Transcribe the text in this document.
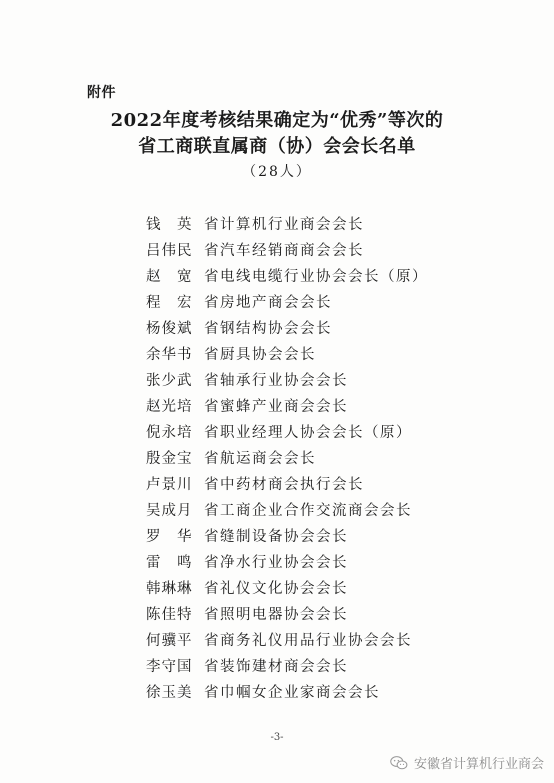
附件
2022年度考核结果确定为“优秀”等次的
省工商联直属商（协）会会长名单
（28人）
钱　英 省计算机行业商会会长
吕伟民 省汽车经销商商会会长
赵　宽 省电线电缆行业协会会长（原）
程　宏 省房地产商会会长
杨俊斌 省钢结构协会会长
余华书 省厨具协会会长
张少武 省轴承行业协会会长
赵光培 省蜜蜂产业商会会长
倪永培 省职业经理人协会会长（原）
殷金宝 省航运商会会长
卢景川 省中药材商会执行会长
吴成月 省工商企业合作交流商会会长
罗　华 省缝制设备协会会长
雷　鸣 省净水行业协会会长
韩琳琳 省礼仪文化协会会长
陈佳特 省照明电器协会会长
何骥平 省商务礼仪用品行业协会会长
李守国 省装饰建材商会会长
徐玉美 省巾帼女企业家商会会长
-3-
安徽省计算机行业商会
